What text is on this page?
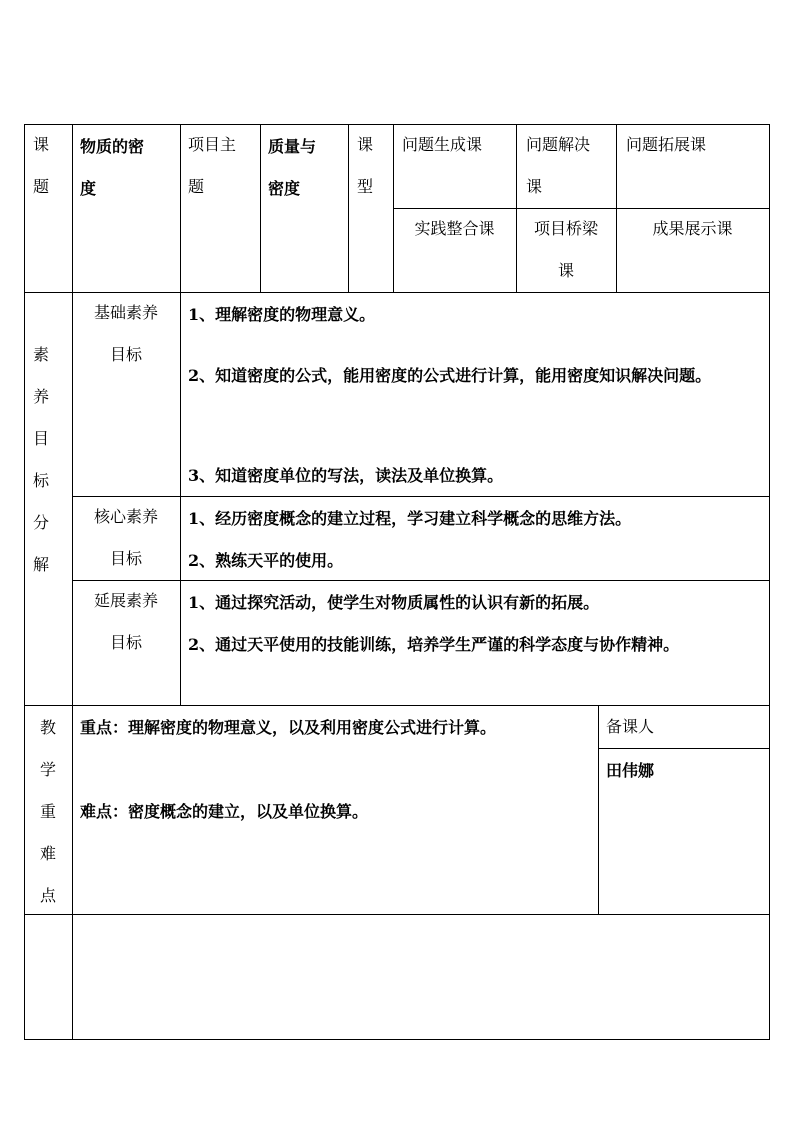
课
题
物质的密
度
项目主
题
质量与
密度
课
型
问题生成课	问题解决
课
问题拓展课
实践整合课	项目桥梁
课
成果展示课
素
养
目
标
分
解
基础素养
目标
1、理解密度的物理意义。
2、知道密度的公式，能用密度的公式进行计算，能用密度知识解决问题。
3、知道密度单位的写法，读法及单位换算。
核心素养
目标
1、经历密度概念的建立过程，学习建立科学概念的思维方法。
2、熟练天平的使用。
延展素养
目标
1、通过探究活动，使学生对物质属性的认识有新的拓展。
2、通过天平使用的技能训练，培养学生严谨的科学态度与协作精神。
教
学
重
难
点
重点：理解密度的物理意义，以及利用密度公式进行计算。
难点：密度概念的建立，以及单位换算。
备课人
田伟娜
